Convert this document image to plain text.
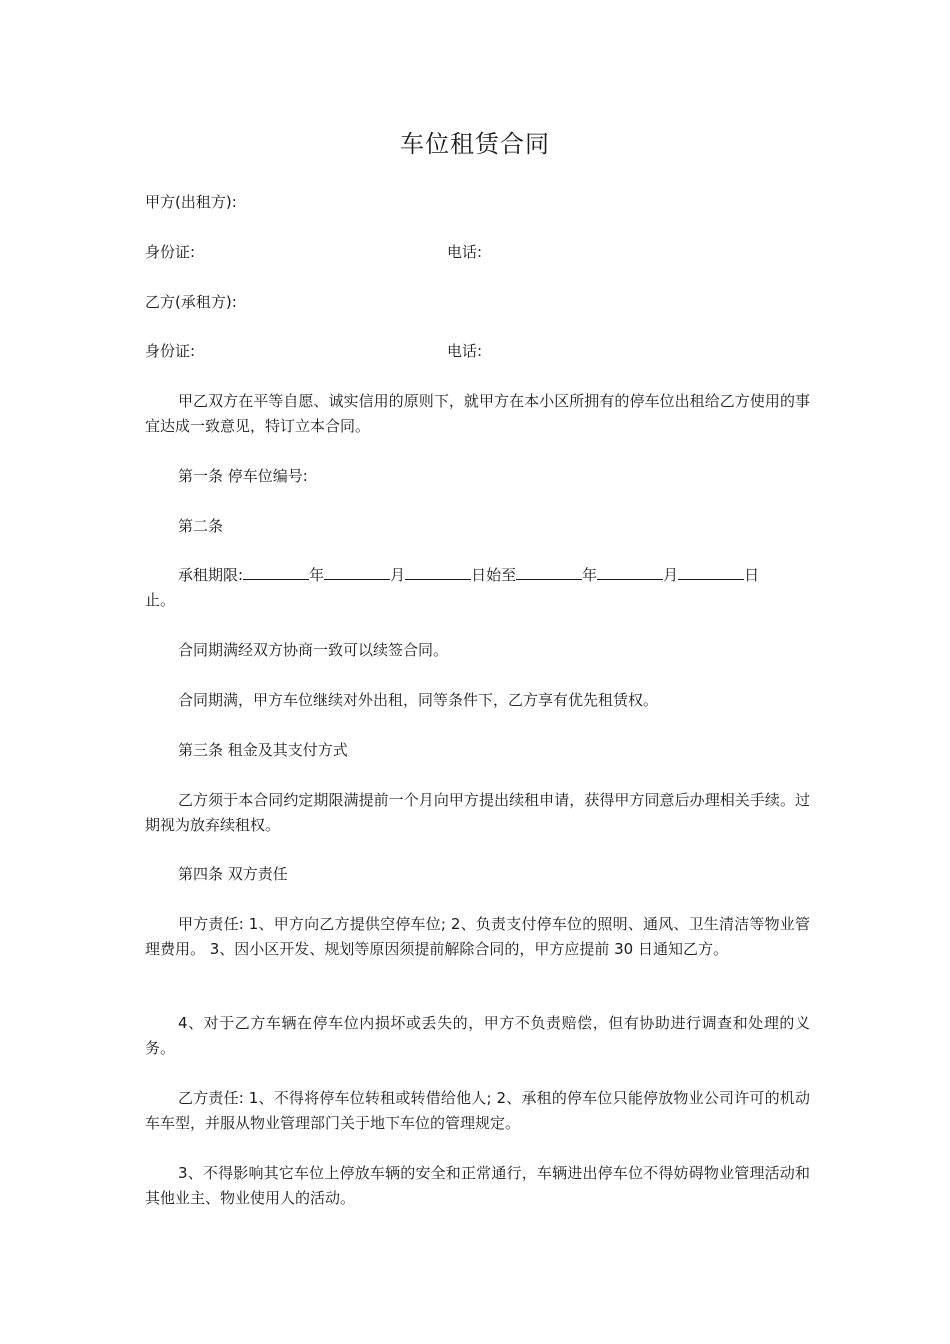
车位租赁合同
甲方(出租方):
身份证:	电话:
乙方(承租方):
身份证:	电话:
甲乙双方在平等自愿、诚实信用的原则下，就甲方在本小区所拥有的停车位出租给乙方使用的事宜达成一致意见，特订立本合同。
第一条 停车位编号:
第二条
承租期限:	年	月	日始至	年	月	日
止。
合同期满经双方协商一致可以续签合同。
合同期满，甲方车位继续对外出租，同等条件下，乙方享有优先租赁权。
第三条 租金及其支付方式
乙方须于本合同约定期限满提前一个月向甲方提出续租申请，获得甲方同意后办理相关手续。过期视为放弃续租权。
第四条 双方责任
甲方责任: 1、甲方向乙方提供空停车位; 2、负责支付停车位的照明、通风、卫生清洁等物业管理费用。 3、因小区开发、规划等原因须提前解除合同的，甲方应提前 30 日通知乙方。
4、对于乙方车辆在停车位内损坏或丢失的，甲方不负责赔偿，但有协助进行调查和处理的义务。
乙方责任: 1、不得将停车位转租或转借给他人; 2、承租的停车位只能停放物业公司许可的机动车车型，并服从物业管理部门关于地下车位的管理规定。
3、不得影响其它车位上停放车辆的安全和正常通行，车辆进出停车位不得妨碍物业管理活动和其他业主、物业使用人的活动。
